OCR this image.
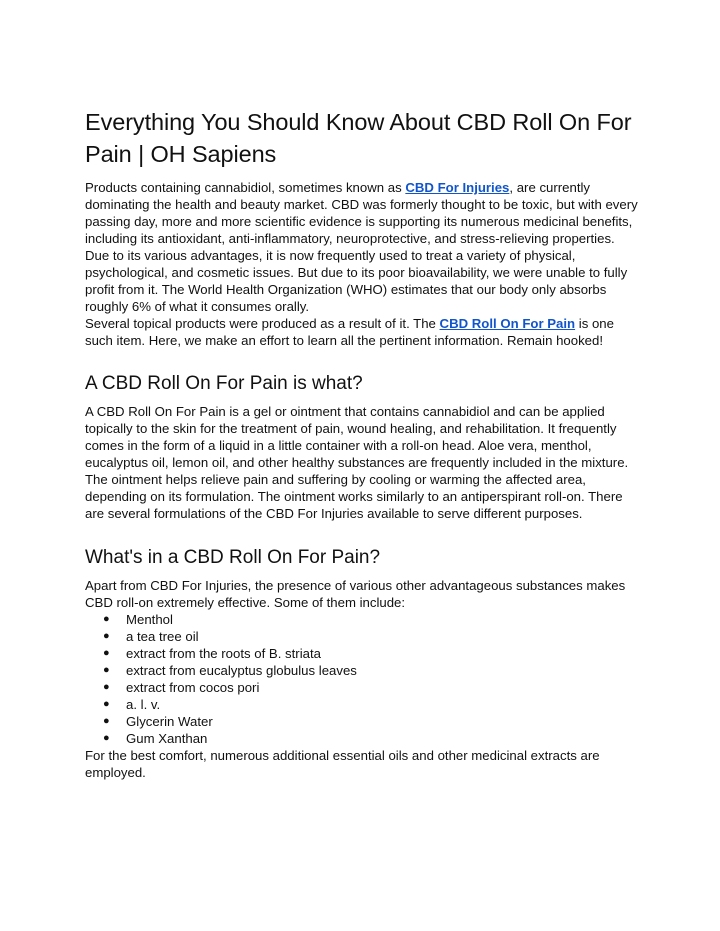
Everything You Should Know About CBD Roll On For Pain | OH Sapiens

Products containing cannabidiol, sometimes known as CBD For Injuries, are currently dominating the health and beauty market. CBD was formerly thought to be toxic, but with every passing day, more and more scientific evidence is supporting its numerous medicinal benefits, including its antioxidant, anti-inflammatory, neuroprotective, and stress-relieving properties. Due to its various advantages, it is now frequently used to treat a variety of physical, psychological, and cosmetic issues. But due to its poor bioavailability, we were unable to fully profit from it. The World Health Organization (WHO) estimates that our body only absorbs roughly 6% of what it consumes orally.

Several topical products were produced as a result of it. The CBD Roll On For Pain is one such item. Here, we make an effort to learn all the pertinent information. Remain hooked!

A CBD Roll On For Pain is what?

A CBD Roll On For Pain is a gel or ointment that contains cannabidiol and can be applied topically to the skin for the treatment of pain, wound healing, and rehabilitation. It frequently comes in the form of a liquid in a little container with a roll-on head. Aloe vera, menthol, eucalyptus oil, lemon oil, and other healthy substances are frequently included in the mixture. The ointment helps relieve pain and suffering by cooling or warming the affected area, depending on its formulation. The ointment works similarly to an antiperspirant roll-on. There are several formulations of the CBD For Injuries available to serve different purposes.

What's in a CBD Roll On For Pain?

Apart from CBD For Injuries, the presence of various other advantageous substances makes CBD roll-on extremely effective. Some of them include:

● Menthol
● a tea tree oil
● extract from the roots of B. striata
● extract from eucalyptus globulus leaves
● extract from cocos pori
● a. l. v.
● Glycerin Water
● Gum Xanthan

For the best comfort, numerous additional essential oils and other medicinal extracts are employed.
